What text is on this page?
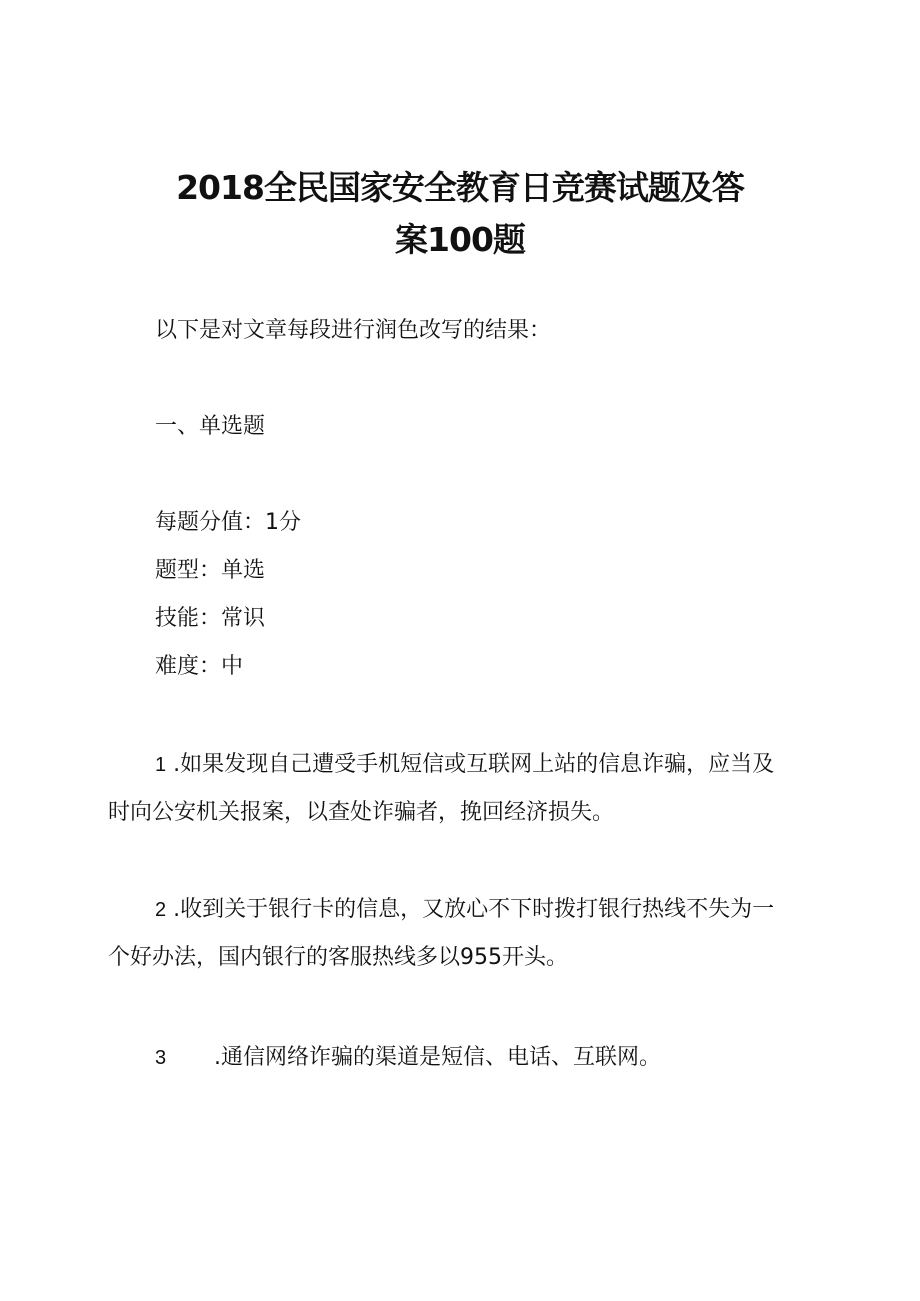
2018全民国家安全教育日竞赛试题及答
案100题
以下是对文章每段进行润色改写的结果：
一、单选题
每题分值：1分
题型：单选
技能：常识
难度：中
1 .如果发现自己遭受手机短信或互联网上站的信息诈骗，应当及
时向公安机关报案，以查处诈骗者，挽回经济损失。
2 .收到关于银行卡的信息，又放心不下时拨打银行热线不失为一
个好办法，国内银行的客服热线多以955开头。
3 .通信网络诈骗的渠道是短信、电话、互联网。
